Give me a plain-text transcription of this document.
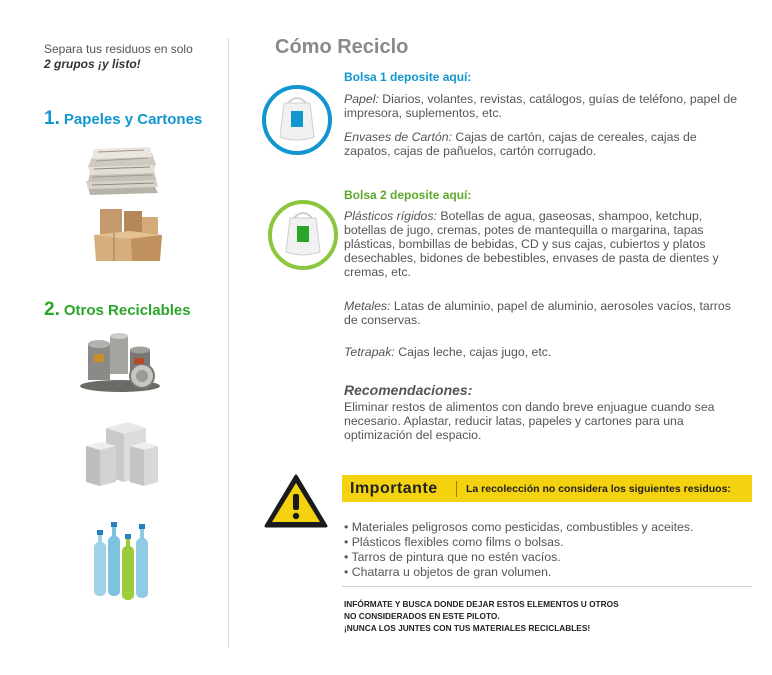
Separa tus residuos en solo
2 grupos ¡y listo!
1. Papeles y Cartones
2. Otros Reciclables
Cómo Reciclo
Bolsa 1 deposite aquí:
Papel: Diarios, volantes, revistas, catálogos, guías de teléfono, papel de
impresora, suplementos, etc.
Envases de Cartón: Cajas de cartón, cajas de cereales, cajas de
zapatos, cajas de pañuelos, cartón corrugado.
Bolsa 2 deposite aquí:
Plásticos rígidos: Botellas de agua, gaseosas, shampoo, ketchup,
botellas de jugo, cremas, potes de mantequilla o margarina, tapas
plásticas, bombillas de bebidas, CD y sus cajas, cubiertos y platos
desechables, bidones de bebestibles, envases de pasta de dientes y
cremas, etc.
Metales: Latas de aluminio, papel de aluminio, aerosoles vacíos, tarros
de conservas.
Tetrapak: Cajas leche, cajas jugo, etc.
Recomendaciones:
Eliminar restos de alimentos con dando breve enjuague cuando sea
necesario. Aplastar, reducir latas, papeles y cartones para una
optimización del espacio.
Importante	La recolección no considera los siguientes residuos:
• Materiales peligrosos como pesticidas, combustibles y aceites.
• Plásticos flexibles como films o bolsas.
• Tarros de pintura que no estén vacíos.
• Chatarra u objetos de gran volumen.
INFÓRMATE Y BUSCA DONDE DEJAR ESTOS ELEMENTOS U OTROS
NO CONSIDERADOS EN ESTE PILOTO.
¡NUNCA LOS JUNTES CON TUS MATERIALES RECICLABLES!
